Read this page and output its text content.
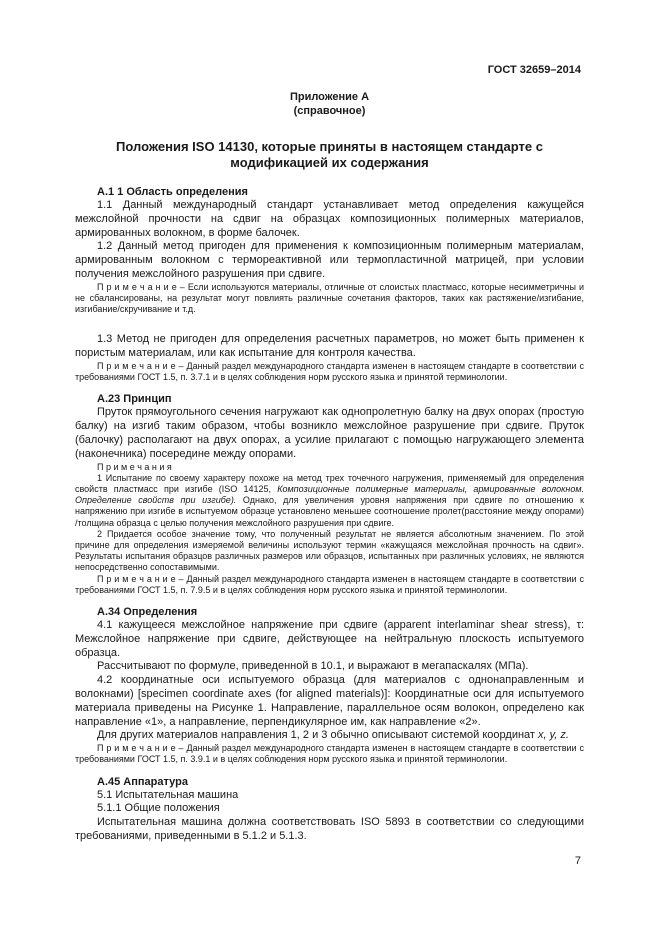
ГОСТ 32659–2014
Приложение А
(справочное)
Положения ISO 14130, которые приняты в настоящем стандарте с
модификацией их содержания

А.1 1 Область определения

1.1 Данный международный стандарт устанавливает метод определения кажущейся межслойной прочности на сдвиг на образцах композиционных полимерных материалов, армированных волокном, в форме балочек.

1.2 Данный метод пригоден для применения к композиционным полимерным материалам, армированным волокном с термореактивной или термопластичной матрицей, при условии получения межслойного разрушения при сдвиге.

П р и м е ч а н и е – Если используются материалы, отличные от слоистых пластмасс, которые несимметричны и не сбалансированы, на результат могут повлиять различные сочетания факторов, таких как растяжение/изгибание, изгибание/скручивание и т.д.

1.3 Метод не пригоден для определения расчетных параметров, но может быть применен к пористым материалам, или как испытание для контроля качества.

П р и м е ч а н и е – Данный раздел международного стандарта изменен в настоящем стандарте в соответствии с требованиями ГОСТ 1.5, п. 3.7.1 и в целях соблюдения норм русского языка и принятой терминологии.

А.23 Принцип

Пруток прямоугольного сечения нагружают как однопролетную балку на двух опорах (простую балку) на изгиб таким образом, чтобы возникло межслойное разрушение при сдвиге. Пруток (балочку) располагают на двух опорах, а усилие прилагают с помощью нагружающего элемента (наконечника) посередине между опорами.

П р и м е ч а н и я

1 Испытание по своему характеру похоже на метод трех точечного нагружения, применяемый для определения свойств пластмасс при изгибе (ISO 14125, Композиционные полимерные материалы, армированные волокном. Определение свойств при изгибе). Однако, для увеличения уровня напряжения при сдвиге по отношению к напряжению при изгибе в испытуемом образце установлено меньшее соотношение пролет(расстояние между опорами) /толщина образца с целью получения межслойного разрушения при сдвиге.

2 Придается особое значение тому, что полученный результат не является абсолютным значением. По этой причине для определения измеряемой величины используют термин «кажущаяся межслойная прочность на сдвиг». Результаты испытания образцов различных размеров или образцов, испытанных при различных условиях, не являются непосредственно сопоставимыми.

П р и м е ч а н и е – Данный раздел международного стандарта изменен в настоящем стандарте в соответствии с требованиями ГОСТ 1.5, п. 7.9.5 и в целях соблюдения норм русского языка и принятой терминологии.

А.34 Определения

4.1 кажущееся межслойное напряжение при сдвиге (apparent interlaminar shear stress), τ: Межслойное напряжение при сдвиге, действующее на нейтральную плоскость испытуемого образца.

Рассчитывают по формуле, приведенной в 10.1, и выражают в мегапаскалях (МПа).

4.2 координатные оси испытуемого образца (для материалов с однонаправленным и волокнами) [specimen coordinate axes (for aligned materials)]: Координатные оси для испытуемого материала приведены на Рисунке 1. Направление, параллельное осям волокон, определено как направление «1», а направление, перпендикулярное им, как направление «2».

Для других материалов направления 1, 2 и 3 обычно описывают системой координат x, y, z.

П р и м е ч а н и е – Данный раздел международного стандарта изменен в настоящем стандарте в соответствии с требованиями ГОСТ 1.5, п. 3.9.1 и в целях соблюдения норм русского языка и принятой терминологии.

А.45 Аппаратура

5.1 Испытательная машина

5.1.1 Общие положения

Испытательная машина должна соответствовать ISO 5893 в соответствии со следующими требованиями, приведенными в 5.1.2 и 5.1.3.

7
